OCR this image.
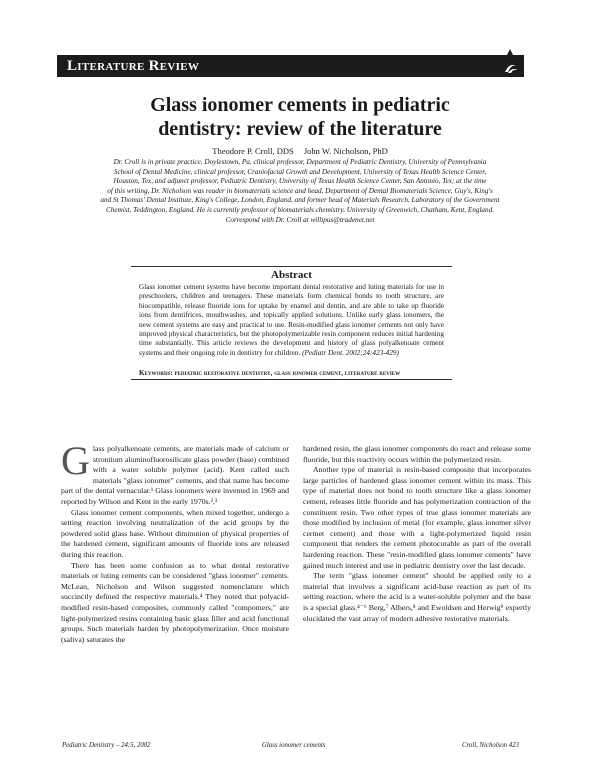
Literature Review
Glass ionomer cements in pediatric
dentistry: review of the literature
Theodore P. Croll, DDS John W. Nicholson, PhD
Dr. Croll is in private practice, Doylestown, Pa, clinical professor, Department of Pediatric Dentistry, University of Pennsylvania
School of Dental Medicine, clinical professor, Craniofacial Growth and Development, University of Texas Health Science Center,
Houston, Tex, and adjunct professor, Pediatric Dentistry, University of Texas Health Science Center, San Antonio, Tex; at the time
of this writing, Dr. Nicholson was reader in biomaterials science and head, Department of Dental Biomaterials Science, Guy's, King's
and St Thomas' Dental Institute, King's College, London, England, and former head of Materials Research, Laboratory of the Government
Chemist, Teddington, England. He is currently professor of biomaterials chemistry, University of Greenwich, Chatham, Kent, England.
Correspond with Dr. Croll at willipus@tradenet.net
Abstract
Glass ionomer cement systems have become important dental restorative and luting materials for use in preschoolers, children and teenagers. These materials form chemical bonds to tooth structure, are biocompatible, release fluoride ions for uptake by enamel and dentin, and are able to take up fluoride ions from dentifrices, mouthwashes, and topically applied solutions. Unlike early glass ionomers, the new cement systems are easy and practical to use. Resin-modified glass ionomer cements not only have improved physical characteristics, but the photopolymerizable resin component reduces initial hardening time substantially. This article reviews the development and history of glass polyalkenoate cement systems and their ongoing role in dentistry for children. (Pediatr Dent. 2002;24:423-429)
Keywords: pediatric restorative dentistry, glass ionomer cement, literature review

Glass polyalkenoate cements, are materials made of calcium or strontium aluminofluorosilicate glass powder (base) combined with a water soluble polymer (acid). Kent called such materials "glass ionomer" cements, and that name has become part of the dental vernacular.¹ Glass ionomers were invented in 1969 and reported by Wilson and Kent in the early 1970s.²,³

Glass ionomer cement components, when mixed together, undergo a setting reaction involving neutralization of the acid groups by the powdered solid glass base. Without diminution of physical properties of the hardened cement, significant amounts of fluoride ions are released during this reaction.

There has been some confusion as to what dental restorative materials or luting cements can be considered "glass ionomer" cements. McLean, Nicholson and Wilson suggested nomenclature which succinctly defined the respective materials.⁴ They noted that polyacid-modified resin-based composites, commonly called "compomers," are light-polymerized resins containing basic glass filler and acid functional groups. Such materials harden by photopolymerization. Once moisture (saliva) saturates the

hardened resin, the glass ionomer components do react and release some fluoride, but this reactivity occurs within the polymerized resin.

Another type of material is resin-based composite that incorporates large particles of hardened glass ionomer cement within its mass. This type of material does not bond to tooth structure like a glass ionomer cement, releases little fluoride and has polymerization contraction of the constituent resin. Two other types of true glass ionomer materials are those modified by inclusion of metal (for example, glass ionomer silver cermet cement) and those with a light-polymerized liquid resin component that renders the cement photocurable as part of the overall hardening reaction. These "resin-modified glass ionomer cements" have gained much interest and use in pediatric dentistry over the last decade.

The term "glass ionomer cement" should be applied only to a material that involves a significant acid-base reaction as part of its setting reaction, where the acid is a water-soluble polymer and the base is a special glass.⁴⁻⁶ Berg,⁷ Albers,⁸ and Ewoldsen and Herwig⁹ expertly elucidated the vast array of modern adhesive restorative materials.

Pediatric Dentistry – 24:5, 2002	Glass ionomer cements	Croll, Nicholson 423
